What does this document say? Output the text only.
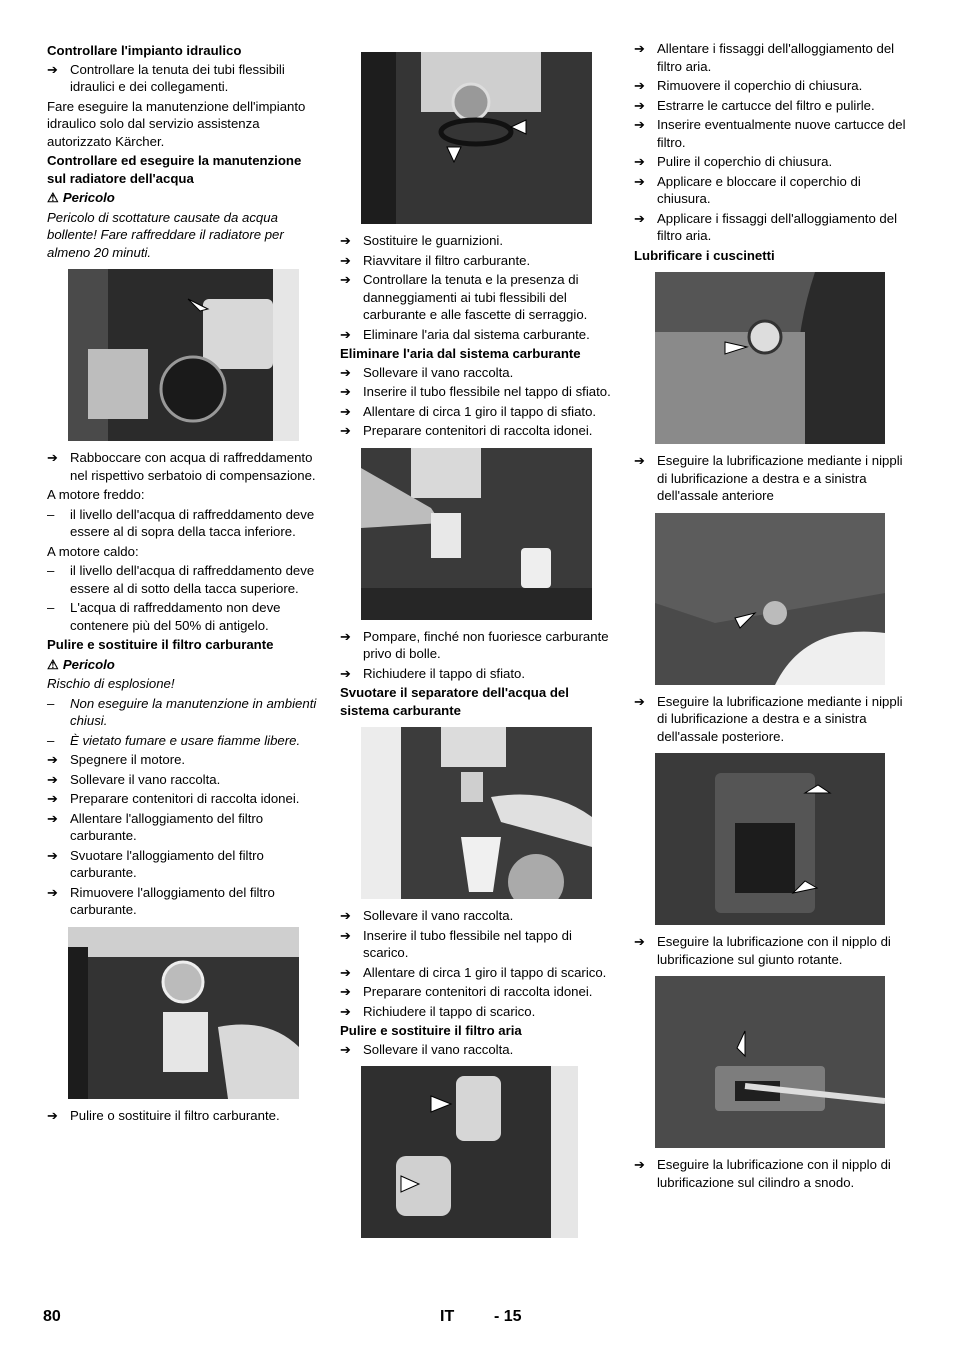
Controllare l'impianto idraulico
➔ Controllare la tenuta dei tubi flessibili idraulici e dei collegamenti.
Fare eseguire la manutenzione dell'impianto idraulico solo dal servizio assistenza autorizzato Kärcher.
Controllare ed eseguire la manutenzione sul radiatore dell'acqua
⚠ Pericolo
Pericolo di scottature causate da acqua bollente! Fare raffreddare il radiatore per almeno 20 minuti.
➔ Rabboccare con acqua di raffreddamento nel rispettivo serbatoio di compensazione.
A motore freddo:
– il livello dell'acqua di raffreddamento deve essere al di sopra della tacca inferiore.
A motore caldo:
– il livello dell'acqua di raffreddamento deve essere al di sotto della tacca superiore.
– L'acqua di raffreddamento non deve contenere più del 50% di antigelo.
Pulire e sostituire il filtro carburante
⚠ Pericolo
Rischio di esplosione!
– Non eseguire la manutenzione in ambienti chiusi.
– È vietato fumare e usare fiamme libere.
➔ Spegnere il motore.
➔ Sollevare il vano raccolta.
➔ Preparare contenitori di raccolta idonei.
➔ Allentare l'alloggiamento del filtro carburante.
➔ Svuotare l'alloggiamento del filtro carburante.
➔ Rimuovere l'alloggiamento del filtro carburante.
➔ Pulire o sostituire il filtro carburante.
➔ Sostituire le guarnizioni.
➔ Riavvitare il filtro carburante.
➔ Controllare la tenuta e la presenza di danneggiamenti ai tubi flessibili del carburante e alle fascette di serraggio.
➔ Eliminare l'aria dal sistema carburante.
Eliminare l'aria dal sistema carburante
➔ Sollevare il vano raccolta.
➔ Inserire il tubo flessibile nel tappo di sfiato.
➔ Allentare di circa 1 giro il tappo di sfiato.
➔ Preparare contenitori di raccolta idonei.
➔ Pompare, finché non fuoriesce carburante privo di bolle.
➔ Richiudere il tappo di sfiato.
Svuotare il separatore dell'acqua del sistema carburante
➔ Sollevare il vano raccolta.
➔ Inserire il tubo flessibile nel tappo di scarico.
➔ Allentare di circa 1 giro il tappo di scarico.
➔ Preparare contenitori di raccolta idonei.
➔ Richiudere il tappo di scarico.
Pulire e sostituire il filtro aria
➔ Sollevare il vano raccolta.
➔ Allentare i fissaggi dell'alloggiamento del filtro aria.
➔ Rimuovere il coperchio di chiusura.
➔ Estrarre le cartucce del filtro e pulirle.
➔ Inserire eventualmente nuove cartucce del filtro.
➔ Pulire il coperchio di chiusura.
➔ Applicare e bloccare il coperchio di chiusura.
➔ Applicare i fissaggi dell'alloggiamento del filtro aria.
Lubrificare i cuscinetti
➔ Eseguire la lubrificazione mediante i nippli di lubrificazione a destra e a sinistra dell'assale anteriore
➔ Eseguire la lubrificazione mediante i nippli di lubrificazione a destra e a sinistra dell'assale posteriore.
➔ Eseguire la lubrificazione con il nipplo di lubrificazione sul giunto rotante.
➔ Eseguire la lubrificazione con il nipplo di lubrificazione sul cilindro a snodo.
80	IT - 15
